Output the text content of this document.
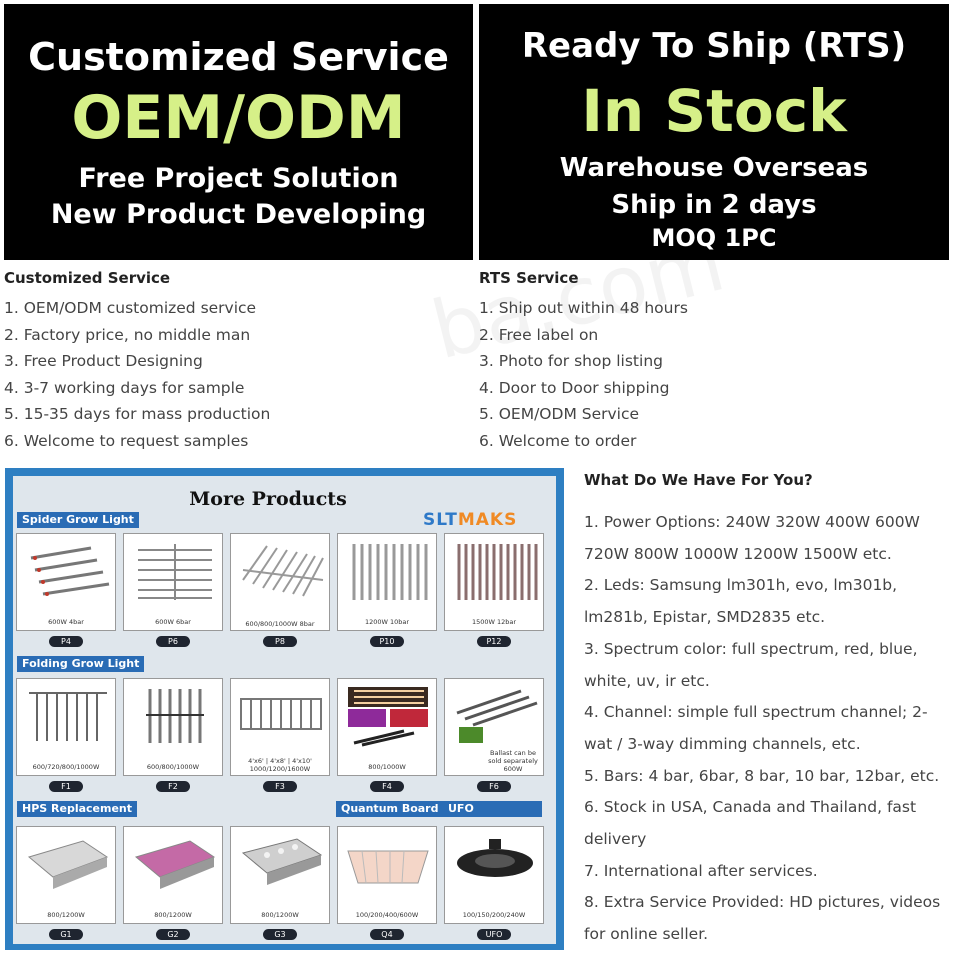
Customized Service
OEM/ODM
Free Project Solution
New Product Developing
Ready To Ship (RTS)
In Stock
Warehouse Overseas
Ship in 2 days
MOQ 1PC
Customized Service
1. OEM/ODM customized service
2. Factory price, no middle man
3. Free Product Designing
4. 3-7 working days for sample
5. 15-35 days for mass production
6. Welcome to request samples
RTS Service
1. Ship out within 48 hours
2. Free label on
3. Photo for shop listing
4. Door to Door shipping
5. OEM/ODM Service
6. Welcome to order
More Products
SLTMAKS
Spider Grow Light
Folding Grow Light
HPS Replacement	Quantum Board UFO
600W 4bar	600W 6bar	600/800/1000W 8bar	1200W 10bar	1500W 12bar
P4	P6	P8	P10	P12
600/720/800/1000W	600/800/1000W
4'x6' | 4'x8' | 4'x10' 1000/1200/1600W	800/1000W
Ballast can be sold separately 600W
F1	F2	F3	F4	F6
800/1200W	800/1200W	800/1200W	100/200/400/600W	100/150/200/240W
G1	G2	G3	Q4	UFO
What Do We Have For You?
1. Power Options: 240W 320W 400W 600W 720W 800W 1000W 1200W 1500W etc.
2. Leds: Samsung lm301h, evo, lm301b, lm281b, Epistar, SMD2835 etc.
3. Spectrum color: full spectrum, red, blue, white, uv, ir etc.
4. Channel: simple full spectrum channel; 2-wat / 3-way dimming channels, etc.
5. Bars: 4 bar, 6bar, 8 bar, 10 bar, 12bar, etc.
6. Stock in USA, Canada and Thailand, fast delivery
7. International after services.
8. Extra Service Provided: HD pictures, videos for online seller.
